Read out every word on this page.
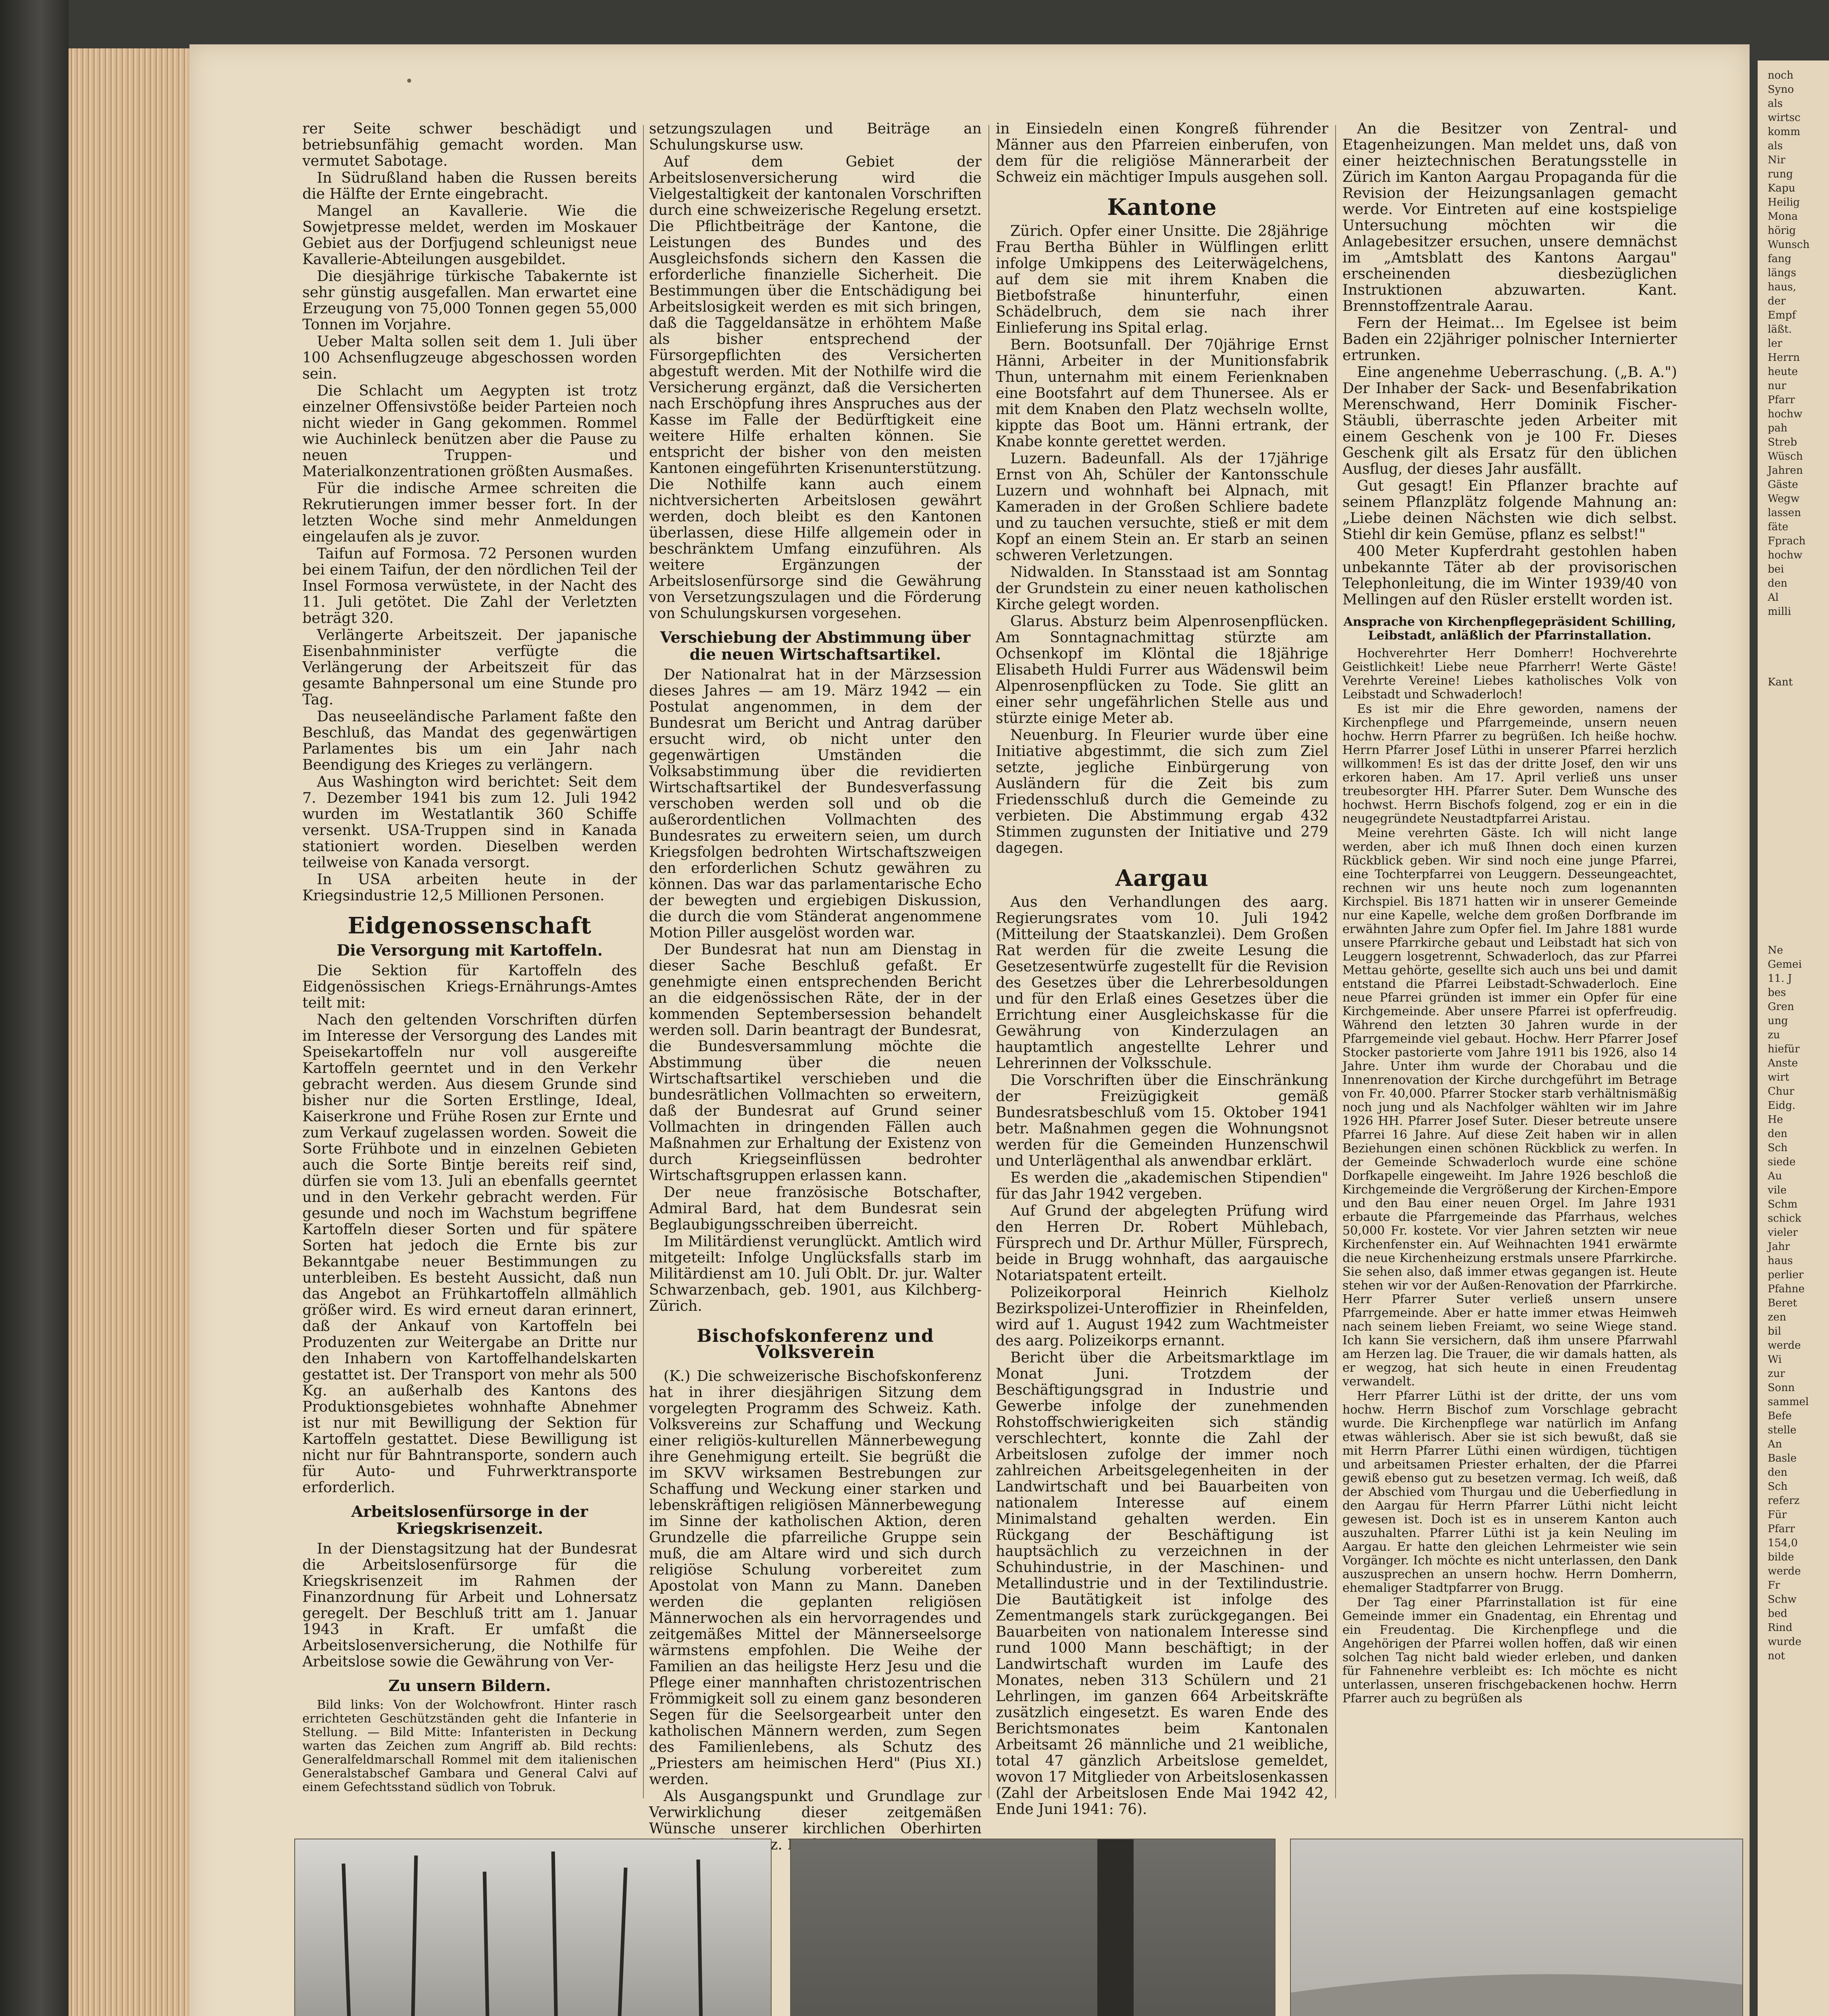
rer Seite schwer beschädigt und betriebsunfähig gemacht worden. Man vermutet Sabotage.

In Südrußland haben die Russen bereits die Hälfte der Ernte eingebracht.

Mangel an Kavallerie. Wie die Sowjetpresse meldet, werden im Moskauer Gebiet aus der Dorfjugend schleunigst neue Kavallerie-Abteilungen ausgebildet.

Die diesjährige türkische Tabakernte ist sehr günstig ausgefallen. Man erwartet eine Erzeugung von 75,000 Tonnen gegen 55,000 Tonnen im Vorjahre.

Ueber Malta sollen seit dem 1. Juli über 100 Achsenflugzeuge abgeschossen worden sein.

Die Schlacht um Aegypten ist trotz einzelner Offensivstöße beider Parteien noch nicht wieder in Gang gekommen. Rommel wie Auchinleck benützen aber die Pause zu neuen Truppen- und Materialkonzentrationen größten Ausmaßes.

Für die indische Armee schreiten die Rekrutierungen immer besser fort. In der letzten Woche sind mehr Anmeldungen eingelaufen als je zuvor.

Taifun auf Formosa. 72 Personen wurden bei einem Taifun, der den nördlichen Teil der Insel Formosa verwüstete, in der Nacht des 11. Juli getötet. Die Zahl der Verletzten beträgt 320.

Verlängerte Arbeitszeit. Der japanische Eisenbahnminister verfügte die Verlängerung der Arbeitszeit für das gesamte Bahnpersonal um eine Stunde pro Tag.

Das neuseeländische Parlament faßte den Beschluß, das Mandat des gegenwärtigen Parlamentes bis um ein Jahr nach Beendigung des Krieges zu verlängern.

Aus Washington wird berichtet: Seit dem 7. Dezember 1941 bis zum 12. Juli 1942 wurden im Westatlantik 360 Schiffe versenkt. USA-Truppen sind in Kanada stationiert worden. Dieselben werden teilweise von Kanada versorgt.

In USA arbeiten heute in der Kriegsindustrie 12,5 Millionen Personen.

Eidgenossenschaft
Die Versorgung mit Kartoffeln.

Die Sektion für Kartoffeln des Eidgenössischen Kriegs-Ernährungs-Amtes teilt mit:

Nach den geltenden Vorschriften dürfen im Interesse der Versorgung des Landes mit Speisekartoffeln nur voll ausgereifte Kartoffeln geerntet und in den Verkehr gebracht werden. Aus diesem Grunde sind bisher nur die Sorten Erstlinge, Ideal, Kaiserkrone und Frühe Rosen zur Ernte und zum Verkauf zugelassen worden. Soweit die Sorte Frühbote und in einzelnen Gebieten auch die Sorte Bintje bereits reif sind, dürfen sie vom 13. Juli an ebenfalls geerntet und in den Verkehr gebracht werden. Für gesunde und noch im Wachstum begriffene Kartoffeln dieser Sorten und für spätere Sorten hat jedoch die Ernte bis zur Bekanntgabe neuer Bestimmungen zu unterbleiben. Es besteht Aussicht, daß nun das Angebot an Frühkartoffeln allmählich größer wird. Es wird erneut daran erinnert, daß der Ankauf von Kartoffeln bei Produzenten zur Weitergabe an Dritte nur den Inhabern von Kartoffelhandelskarten gestattet ist. Der Transport von mehr als 500 Kg. an außerhalb des Kantons des Produktionsgebietes wohnhafte Abnehmer ist nur mit Bewilligung der Sektion für Kartoffeln gestattet. Diese Bewilligung ist nicht nur für Bahntransporte, sondern auch für Auto- und Fuhrwerktransporte erforderlich.

Arbeitslosenfürsorge in der Kriegskrisenzeit.

In der Dienstagsitzung hat der Bundesrat die Arbeitslosenfürsorge für die Kriegskrisenzeit im Rahmen der Finanzordnung für Arbeit und Lohnersatz geregelt. Der Beschluß tritt am 1. Januar 1943 in Kraft. Er umfaßt die Arbeitslosenversicherung, die Nothilfe für Arbeitslose sowie die Gewährung von Ver-

Zu unsern Bildern.

Bild links: Von der Wolchowfront. Hinter rasch errichteten Geschützständen geht die Infanterie in Stellung. — Bild Mitte: Infanteristen in Deckung warten das Zeichen zum Angriff ab. Bild rechts: Generalfeldmarschall Rommel mit dem italienischen Generalstabschef Gambara und General Calvi auf einem Gefechtsstand südlich von Tobruk.

setzungszulagen und Beiträge an Schulungskurse usw.

Auf dem Gebiet der Arbeitslosenversicherung wird die Vielgestaltigkeit der kantonalen Vorschriften durch eine schweizerische Regelung ersetzt. Die Pflichtbeiträge der Kantone, die Leistungen des Bundes und des Ausgleichsfonds sichern den Kassen die erforderliche finanzielle Sicherheit. Die Bestimmungen über die Entschädigung bei Arbeitslosigkeit werden es mit sich bringen, daß die Taggeldansätze in erhöhtem Maße als bisher entsprechend der Fürsorgepflichten des Versicherten abgestuft werden. Mit der Nothilfe wird die Versicherung ergänzt, daß die Versicherten nach Erschöpfung ihres Anspruches aus der Kasse im Falle der Bedürftigkeit eine weitere Hilfe erhalten können. Sie entspricht der bisher von den meisten Kantonen eingeführten Krisenunterstützung. Die Nothilfe kann auch einem nichtversicherten Arbeitslosen gewährt werden, doch bleibt es den Kantonen überlassen, diese Hilfe allgemein oder in beschränktem Umfang einzuführen. Als weitere Ergänzungen der Arbeitslosenfürsorge sind die Gewährung von Versetzungszulagen und die Förderung von Schulungskursen vorgesehen.

Verschiebung der Abstimmung über die neuen Wirtschaftsartikel.

Der Nationalrat hat in der Märzsession dieses Jahres — am 19. März 1942 — ein Postulat angenommen, in dem der Bundesrat um Bericht und Antrag darüber ersucht wird, ob nicht unter den gegenwärtigen Umständen die Volksabstimmung über die revidierten Wirtschaftsartikel der Bundesverfassung verschoben werden soll und ob die außerordentlichen Vollmachten des Bundesrates zu erweitern seien, um durch Kriegsfolgen bedrohten Wirtschaftszweigen den erforderlichen Schutz gewähren zu können. Das war das parlamentarische Echo der bewegten und ergiebigen Diskussion, die durch die vom Ständerat angenommene Motion Piller ausgelöst worden war.

Der Bundesrat hat nun am Dienstag in dieser Sache Beschluß gefaßt. Er genehmigte einen entsprechenden Bericht an die eidgenössischen Räte, der in der kommenden Septembersession behandelt werden soll. Darin beantragt der Bundesrat, die Bundesversammlung möchte die Abstimmung über die neuen Wirtschaftsartikel verschieben und die bundesrätlichen Vollmachten so erweitern, daß der Bundesrat auf Grund seiner Vollmachten in dringenden Fällen auch Maßnahmen zur Erhaltung der Existenz von durch Kriegseinflüssen bedrohter Wirtschaftsgruppen erlassen kann.

Der neue französische Botschafter, Admiral Bard, hat dem Bundesrat sein Beglaubigungsschreiben überreicht.

Im Militärdienst verunglückt. Amtlich wird mitgeteilt: Infolge Unglücksfalls starb im Militärdienst am 10. Juli Oblt. Dr. jur. Walter Schwarzenbach, geb. 1901, aus Kilchberg-Zürich.

Bischofskonferenz und Volksverein

(K.) Die schweizerische Bischofskonferenz hat in ihrer diesjährigen Sitzung dem vorgelegten Programm des Schweiz. Kath. Volksvereins zur Schaffung und Weckung einer religiös-kulturellen Männerbewegung ihre Genehmigung erteilt. Sie begrüßt die im SKVV wirksamen Bestrebungen zur Schaffung und Weckung einer starken und lebenskräftigen religiösen Männerbewegung im Sinne der katholischen Aktion, deren Grundzelle die pfarreiliche Gruppe sein muß, die am Altare wird und sich durch religiöse Schulung vorbereitet zum Apostolat von Mann zu Mann. Daneben werden die geplanten religiösen Männerwochen als ein hervorragendes und zeitgemäßes Mittel der Männerseelsorge wärmstens empfohlen. Die Weihe der Familien an das heiligste Herz Jesu und die Pflege einer mannhaften christozentrischen Frömmigkeit soll zu einem ganz besonderen Segen für die Seelsorgearbeit unter den katholischen Männern werden, zum Segen des Familienlebens, als Schutz des „Priesters am heimischen Herd" (Pius XI.) werden.

Als Ausgangspunkt und Grundlage zur Verwirklichung dieser zeitgemäßen Wünsche unserer kirchlichen Oberhirten

in Einsiedeln einen Kongreß führender Männer aus den Pfarreien einberufen, von dem für die religiöse Männerarbeit der Schweiz ein mächtiger Impuls ausgehen soll.

Kantone

Zürich. Opfer einer Unsitte. Die 28jährige Frau Bertha Bühler in Wülflingen erlitt infolge Umkippens des Leiterwägelchens, auf dem sie mit ihrem Knaben die Bietbofstraße hinunterfuhr, einen Schädelbruch, dem sie nach ihrer Einlieferung ins Spital erlag.

Bern. Bootsunfall. Der 70jährige Ernst Hänni, Arbeiter in der Munitionsfabrik Thun, unternahm mit einem Ferienknaben eine Bootsfahrt auf dem Thunersee. Als er mit dem Knaben den Platz wechseln wollte, kippte das Boot um. Hänni ertrank, der Knabe konnte gerettet werden.

Luzern. Badeunfall. Als der 17jährige Ernst von Ah, Schüler der Kantonsschule Luzern und wohnhaft bei Alpnach, mit Kameraden in der Großen Schliere badete und zu tauchen versuchte, stieß er mit dem Kopf an einem Stein an. Er starb an seinen schweren Verletzungen.

Nidwalden. In Stansstaad ist am Sonntag der Grundstein zu einer neuen katholischen Kirche gelegt worden.

Glarus. Absturz beim Alpenrosenpflücken. Am Sonntagnachmittag stürzte am Ochsenkopf im Klöntal die 18jährige Elisabeth Huldi Furrer aus Wädenswil beim Alpenrosenpflücken zu Tode. Sie glitt an einer sehr ungefährlichen Stelle aus und stürzte einige Meter ab.

Neuenburg. In Fleurier wurde über eine Initiative abgestimmt, die sich zum Ziel setzte, jegliche Einbürgerung von Ausländern für die Zeit bis zum Friedensschluß durch die Gemeinde zu verbieten. Die Abstimmung ergab 432 Stimmen zugunsten der Initiative und 279 dagegen.

Aargau

Aus den Verhandlungen des aarg. Regierungsrates vom 10. Juli 1942 (Mitteilung der Staatskanzlei). Dem Großen Rat werden für die zweite Lesung die Gesetzesentwürfe zugestellt für die Revision des Gesetzes über die Lehrerbesoldungen und für den Erlaß eines Gesetzes über die Errichtung einer Ausgleichskasse für die Gewährung von Kinderzulagen an hauptamtlich angestellte Lehrer und Lehrerinnen der Volksschule.

Die Vorschriften über die Einschränkung der Freizügigkeit gemäß Bundesratsbeschluß vom 15. Oktober 1941 betr. Maßnahmen gegen die Wohnungsnot werden für die Gemeinden Hunzenschwil und Unterlägenthal als anwendbar erklärt.

Es werden die „akademischen Stipendien" für das Jahr 1942 vergeben.

Auf Grund der abgelegten Prüfung wird den Herren Dr. Robert Mühlebach, Fürsprech und Dr. Arthur Müller, Fürsprech, beide in Brugg wohnhaft, das aargauische Notariatspatent erteilt.

Polizeikorporal Heinrich Kielholz Bezirkspolizei-Unteroffizier in Rheinfelden, wird auf 1. August 1942 zum Wachtmeister des aarg. Polizeikorps ernannt.

Bericht über die Arbeitsmarktlage im Monat Juni. Trotzdem der Beschäftigungsgrad in Industrie und Gewerbe infolge der zunehmenden Rohstoffschwierigkeiten sich ständig verschlechtert, konnte die Zahl der Arbeitslosen zufolge der immer noch zahlreichen Arbeitsgelegenheiten in der Landwirtschaft und bei Bauarbeiten von nationalem Interesse auf einem Minimalstand gehalten werden. Ein Rückgang der Beschäftigung ist hauptsächlich zu verzeichnen in der Schuhindustrie, in der Maschinen- und Metallindustrie und in der Textilindustrie. Die Bautätigkeit ist infolge des Zementmangels stark zurückgegangen. Bei Bauarbeiten von nationalem Interesse sind rund 1000 Mann beschäftigt; in der Landwirtschaft wurden im Laufe des Monates, neben 313 Schülern und 21 Lehrlingen, im ganzen 664 Arbeitskräfte zusätzlich eingesetzt. Es waren Ende des Berichtsmonates beim Kantonalen Arbeitsamt 26 männliche und 21 weibliche, total 47 gänzlich Arbeitslose gemeldet, wovon 17 Mitglieder von Arbeitslosenkassen (Zahl der Arbeitslosen Ende Mai 1942 42, Ende Juni 1941: 76).

An die Besitzer von Zentral- und Etagenheizungen. Man meldet uns, daß von einer heiztechnischen Beratungsstelle in Zürich im Kanton Aargau Propaganda für die Revision der Heizungsanlagen gemacht werde. Vor Eintreten auf eine kostspielige Untersuchung möchten wir die Anlagebesitzer ersuchen, unsere demnächst im „Amtsblatt des Kantons Aargau" erscheinenden diesbezüglichen Instruktionen abzuwarten. Kant. Brennstoffzentrale Aarau.

Fern der Heimat... Im Egelsee ist beim Baden ein 22jähriger polnischer Internierter ertrunken.

Eine angenehme Ueberraschung. („B. A.") Der Inhaber der Sack- und Besenfabrikation Merenschwand, Herr Dominik Fischer-Stäubli, überraschte jeden Arbeiter mit einem Geschenk von je 100 Fr. Dieses Geschenk gilt als Ersatz für den üblichen Ausflug, der dieses Jahr ausfällt.

Gut gesagt! Ein Pflanzer brachte auf seinem Pflanzplätz folgende Mahnung an: „Liebe deinen Nächsten wie dich selbst. Stiehl dir kein Gemüse, pflanz es selbst!"

400 Meter Kupferdraht gestohlen haben unbekannte Täter ab der provisorischen Telephonleitung, die im Winter 1939/40 von Mellingen auf den Rüsler erstellt worden ist.

Ansprache von Kirchenpflegepräsident Schilling, Leibstadt, anläßlich der Pfarrinstallation.

Hochverehrter Herr Domherr! Hochverehrte Geistlichkeit! Liebe neue Pfarrherr! Werte Gäste! Verehrte Vereine! Liebes katholisches Volk von Leibstadt und Schwaderloch!

Es ist mir die Ehre geworden, namens der Kirchenpflege und Pfarrgemeinde, unsern neuen hochw. Herrn Pfarrer zu begrüßen. Ich heiße hochw. Herrn Pfarrer Josef Lüthi in unserer Pfarrei herzlich willkommen! Es ist das der dritte Josef, den wir uns erkoren haben. Am 17. April verließ uns unser treubesorgter HH. Pfarrer Suter. Dem Wunsche des hochwst. Herrn Bischofs folgend, zog er ein in die neugegründete Neustadtpfarrei Aristau.

Meine verehrten Gäste. Ich will nicht lange werden, aber ich muß Ihnen doch einen kurzen Rückblick geben. Wir sind noch eine junge Pfarrei, eine Tochterpfarrei von Leuggern. Desseungeachtet, rechnen wir uns heute noch zum logenannten Kirchspiel. Bis 1871 hatten wir in unserer Gemeinde nur eine Kapelle, welche dem großen Dorfbrande im erwähnten Jahre zum Opfer fiel. Im Jahre 1881 wurde unsere Pfarrkirche gebaut und Leibstadt hat sich von Leuggern losgetrennt, Schwaderloch, das zur Pfarrei Mettau gehörte, gesellte sich auch uns bei und damit entstand die Pfarrei Leibstadt-Schwaderloch. Eine neue Pfarrei gründen ist immer ein Opfer für eine Kirchgemeinde. Aber unsere Pfarrei ist opferfreudig. Während den letzten 30 Jahren wurde in der Pfarrgemeinde viel gebaut. Hochw. Herr Pfarrer Josef Stocker pastorierte vom Jahre 1911 bis 1926, also 14 Jahre. Unter ihm wurde der Chorabau und die Innenrenovation der Kirche durchgeführt im Betrage von Fr. 40,000. Pfarrer Stocker starb verhältnismäßig noch jung und als Nachfolger wählten wir im Jahre 1926 HH. Pfarrer Josef Suter. Dieser betreute unsere Pfarrei 16 Jahre. Auf diese Zeit haben wir in allen Beziehungen einen schönen Rückblick zu werfen. In der Gemeinde Schwaderloch wurde eine schöne Dorfkapelle eingeweiht. Im Jahre 1926 beschloß die Kirchgemeinde die Vergrößerung der Kirchen-Empore und den Bau einer neuen Orgel. Im Jahre 1931 erbaute die Pfarrgemeinde das Pfarrhaus, welches 50,000 Fr. kostete. Vor vier Jahren setzten wir neue Kirchenfenster ein. Auf Weihnachten 1941 erwärmte die neue Kirchenheizung erstmals unsere Pfarrkirche. Sie sehen also, daß immer etwas gegangen ist. Heute stehen wir vor der Außen-Renovation der Pfarrkirche. Herr Pfarrer Suter verließ unsern unsere Pfarrgemeinde. Aber er hatte immer etwas Heimweh nach seinem lieben Freiamt, wo seine Wiege stand. Ich kann Sie versichern, daß ihm unsere Pfarrwahl am Herzen lag. Die Trauer, die wir damals hatten, als er wegzog, hat sich heute in einen Freudentag verwandelt.

Herr Pfarrer Lüthi ist der dritte, der uns vom hochw. Herrn Bischof zum Vorschlage gebracht wurde. Die Kirchenpflege war natürlich im Anfang etwas wählerisch. Aber sie ist sich bewußt, daß sie mit Herrn Pfarrer Lüthi einen würdigen, tüchtigen und arbeitsamen Priester erhalten, der die Pfarrei gewiß ebenso gut zu besetzen vermag. Ich weiß, daß der Abschied vom Thurgau und die Ueberfiedlung in den Aargau für Herrn Pfarrer Lüthi nicht leicht gewesen ist. Doch ist es in unserem Kanton auch auszuhalten. Pfarrer Lüthi ist ja kein Neuling im Aargau. Er hatte den gleichen Lehrmeister wie sein Vorgänger. Ich möchte es nicht unterlassen, den Dank auszusprechen an unsern hochw. Herrn Domherrn, ehemaliger Stadtpfarrer von Brugg.

Der Tag einer Pfarrinstallation ist für eine Gemeinde immer ein Gnadentag, ein Ehrentag und ein Freudentag. Die Kirchenpflege und die Angehörigen der Pfarrei wollen hoffen, daß wir einen solchen Tag nicht bald wieder erleben, und danken für Fahnenehre verbleibt es: Ich möchte es nicht unterlassen, unseren frischgebackenen hochw. Herrn Pfarrer auch zu begrüßen als

noch
Syno
als
wirtsc
komm
als
Nir
rung
Kapu
Heilig
Mona
hörig
Wunsch
fang
längs
haus,
der
Empf
läßt.
ler
Herrn
heute
nur
Pfarr
hochw
pah
Streb
Wüsch
Jahren
Gäste
Wegw
lassen
fäte
Fprach
hochw
bei
den
Al
milli

Kant

Ne
Gemei
11. J
bes
Gren
ung
zu
hiefür
Anste
wirt
Chur
Eidg.
He
den
Sch
siede
Au
vile
Schm
schick
vieler
Jahr
haus
perlier
Pfahne
Beret
zen
bil
werde
Wi
zur
Sonn
sammel
Befe
stelle
An
Basle
den
Sch
referz
Für
Pfarr
154,0
bilde
werde
Fr
Schw
bed
Rind
wurde
not
